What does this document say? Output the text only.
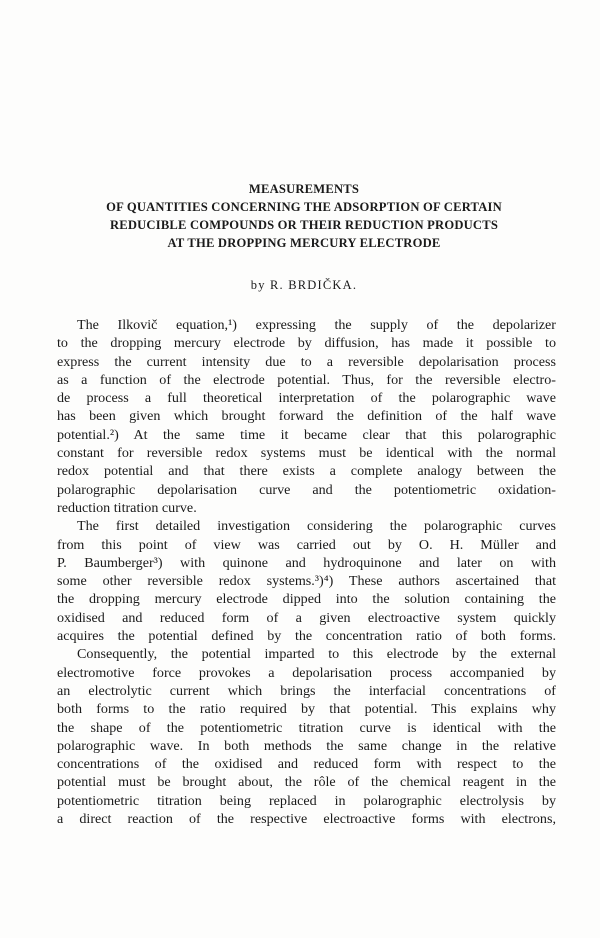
MEASUREMENTS
OF QUANTITIES CONCERNING THE ADSORPTION OF CERTAIN
REDUCIBLE COMPOUNDS OR THEIR REDUCTION PRODUCTS
AT THE DROPPING MERCURY ELECTRODE
by R. BRDIČKA.

The Ilkovič equation,¹) expressing the supply of the depolarizer
to the dropping mercury electrode by diffusion, has made it possible to
express the current intensity due to a reversible depolarisation process
as a function of the electrode potential. Thus, for the reversible electro-
de process a full theoretical interpretation of the polarographic wave
has been given which brought forward the definition of the half wave
potential.²) At the same time it became clear that this polarographic
constant for reversible redox systems must be identical with the normal
redox potential and that there exists a complete analogy between the
polarographic depolarisation curve and the potentiometric oxidation-
reduction titration curve.

The first detailed investigation considering the polarographic curves
from this point of view was carried out by O. H. Müller and
P. Baumberger³) with quinone and hydroquinone and later on with
some other reversible redox systems.³)⁴) These authors ascertained that
the dropping mercury electrode dipped into the solution containing the
oxidised and reduced form of a given electroactive system quickly
acquires the potential defined by the concentration ratio of both forms.

Consequently, the potential imparted to this electrode by the external
electromotive force provokes a depolarisation process accompanied by
an electrolytic current which brings the interfacial concentrations of
both forms to the ratio required by that potential. This explains why
the shape of the potentiometric titration curve is identical with the
polarographic wave. In both methods the same change in the relative
concentrations of the oxidised and reduced form with respect to the
potential must be brought about, the rôle of the chemical reagent in the
potentiometric titration being replaced in polarographic electrolysis by
a direct reaction of the respective electroactive forms with electrons,
